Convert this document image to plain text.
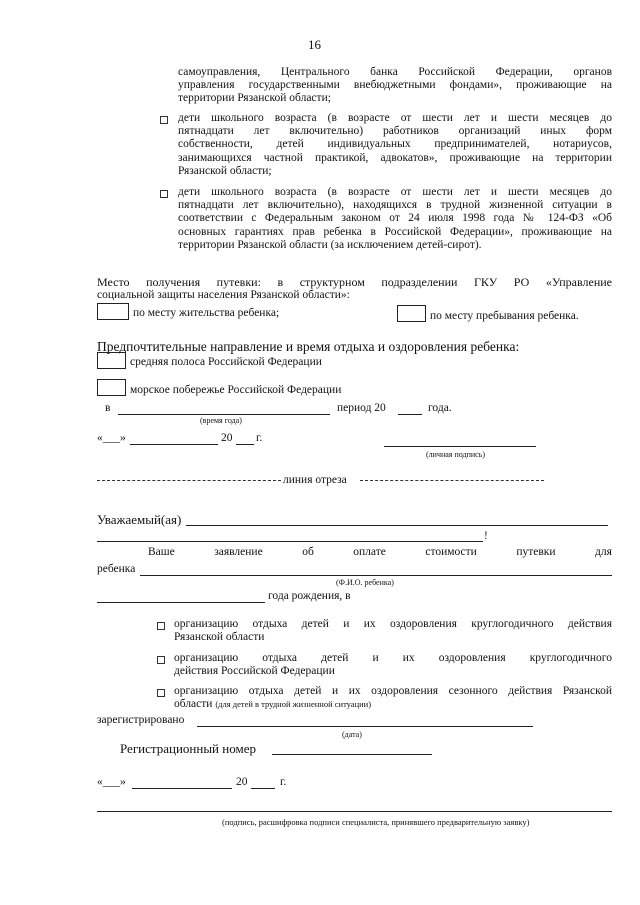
16
самоуправления, Центрального банка Российской Федерации, органов
управления государственными внебюджетными фондами», проживающие на
территории Рязанской области;
дети школьного возраста (в возрасте от шести лет и шести месяцев до
пятнадцати лет включительно) работников организаций иных форм
собственности, детей индивидуальных предпринимателей, нотариусов,
занимающихся частной практикой, адвокатов», проживающие на территории
Рязанской области;
дети школьного возраста (в возрасте от шести лет и шести месяцев до
пятнадцати лет включительно), находящихся в трудной жизненной ситуации в
соответствии с Федеральным законом от 24 июля 1998 года № 124-ФЗ «Об
основных гарантиях прав ребенка в Российской Федерации», проживающие на
территории Рязанской области (за исключением детей-сирот).
Место получения путевки: в структурном подразделении ГКУ РО «Управление
социальной защиты населения Рязанской области»:
по месту жительства ребенка;	по месту пребывания ребенка.
Предпочтительные направление и время отдыха и оздоровления ребенка:
средняя полоса Российской Федерации
морское побережье Российской Федерации
в	период 20	года.
(время года)
«___»	20 г.
(личная подпись)
линия отреза
Уважаемый(ая)
!
Ваше	заявление	об	оплате	стоимости	путевки	для
ребенка
(Ф.И.О. ребенка)
года рождения, в
организацию отдыха детей и их оздоровления круглогодичного действия
Рязанской области
организацию отдыха детей и их оздоровления круглогодичного
действия Российской Федерации
организацию отдыха детей и их оздоровления сезонного действия Рязанской
области (для детей в трудной жизненной ситуации)
зарегистрировано
(дата)
Регистрационный номер
«___»	20	г.
(подпись, расшифровка подписи специалиста, принявшего предварительную заявку)
